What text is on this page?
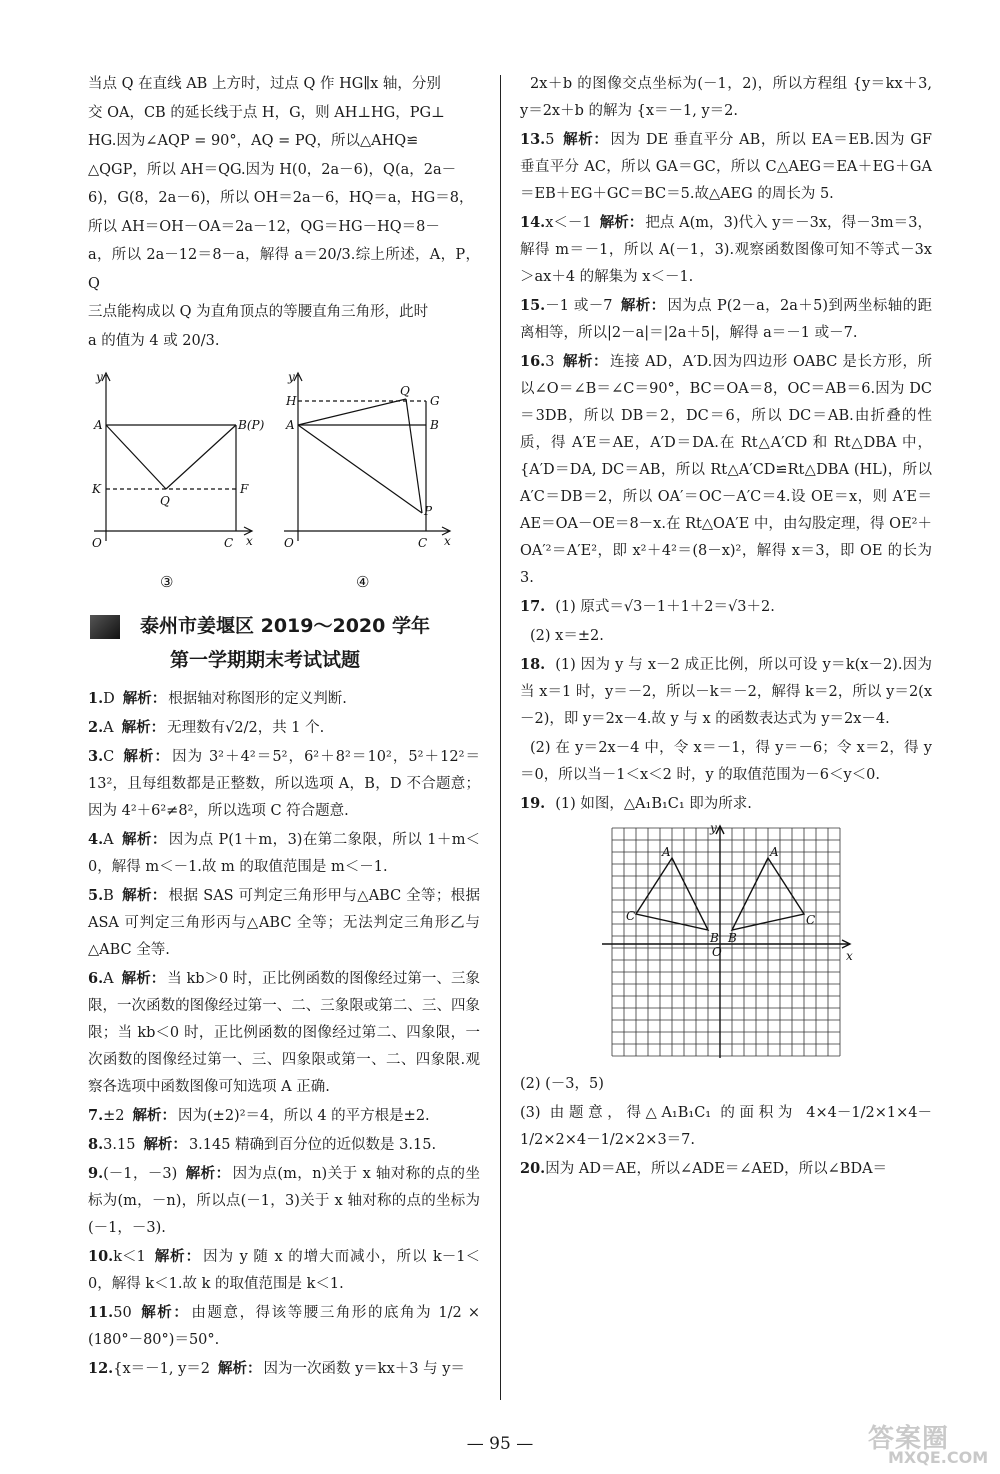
当点 Q 在直线 AB 上方时，过点 Q 作 HG∥x 轴，分别

交 OA，CB 的延长线于点 H，G，则 AH⊥HG，PG⊥

HG.因为∠AQP = 90°，AQ = PQ，所以△AHQ≌

△QGP，所以 AH＝QG.因为 H(0，2a－6)，Q(a，2a－

6)，G(8，2a－6)，所以 OH＝2a－6，HQ＝a，HG＝8，

所以 AH＝OH－OA＝2a－12，QG＝HG－HQ＝8－

a，所以 2a－12＝8－a，解得 a＝20/3.综上所述，A，P，Q

三点能构成以 Q 为直角顶点的等腰直角三角形，此时

a 的值为 4 或 20/3.

y
x
A	B(P)
K
Q
F
O	C
③
y
x
H
Q
G
A	B
P
O	C
④
泰州市姜堰区 2019～2020 学年
第一学期期末考试试题

1.D 解析： 根据轴对称图形的定义判断.

2.A 解析： 无理数有√2/2，共 1 个.

3.C 解析： 因为 3²＋4²＝5²，6²＋8²＝10²，5²＋12²＝13²，且每组数都是正整数，所以选项 A，B，D 不合题意；因为 4²＋6²≠8²，所以选项 C 符合题意.

4.A 解析： 因为点 P(1＋m，3)在第二象限，所以 1＋m＜0，解得 m＜－1.故 m 的取值范围是 m＜－1.

5.B 解析： 根据 SAS 可判定三角形甲与△ABC 全等；根据 ASA 可判定三角形丙与△ABC 全等；无法判定三角形乙与△ABC 全等.

6.A 解析： 当 kb＞0 时，正比例函数的图像经过第一、三象限，一次函数的图像经过第一、二、三象限或第二、三、四象限；当 kb＜0 时，正比例函数的图像经过第二、四象限，一次函数的图像经过第一、三、四象限或第一、二、四象限.观察各选项中函数图像可知选项 A 正确.

7.±2 解析： 因为(±2)²＝4，所以 4 的平方根是±2.

8.3.15 解析： 3.145 精确到百分位的近似数是 3.15.

9.(－1，－3) 解析： 因为点(m，n)关于 x 轴对称的点的坐标为(m，－n)，所以点(－1，3)关于 x 轴对称的点的坐标为(－1，－3).

10.k＜1 解析： 因为 y 随 x 的增大而减小，所以 k－1＜0，解得 k＜1.故 k 的取值范围是 k＜1.

11.50 解析： 由题意，得该等腰三角形的底角为 1/2 × (180°－80°)＝50°.

12.{x＝－1, y＝2 解析： 因为一次函数 y＝kx＋3 与 y＝

2x＋b 的图像交点坐标为(－1，2)，所以方程组 {y＝kx＋3, y＝2x＋b 的解为 {x＝－1, y＝2.

13.5 解析： 因为 DE 垂直平分 AB，所以 EA＝EB.因为 GF 垂直平分 AC，所以 GA＝GC，所以 C△AEG＝EA＋EG＋GA＝EB＋EG＋GC＝BC＝5.故△AEG 的周长为 5.

14.x＜－1 解析： 把点 A(m，3)代入 y＝－3x，得－3m＝3，解得 m＝－1，所以 A(－1，3).观察函数图像可知不等式－3x＞ax＋4 的解集为 x＜－1.

15.－1 或－7 解析： 因为点 P(2－a，2a＋5)到两坐标轴的距离相等，所以|2－a|＝|2a＋5|，解得 a＝－1 或－7.

16.3 解析： 连接 AD，A′D.因为四边形 OABC 是长方形，所以∠O＝∠B＝∠C＝90°，BC＝OA＝8，OC＝AB＝6.因为 DC＝3DB，所以 DB＝2，DC＝6，所以 DC＝AB.由折叠的性质，得 A′E＝AE，A′D＝DA.在 Rt△A′CD 和 Rt△DBA 中，{A′D＝DA, DC＝AB，所以 Rt△A′CD≌Rt△DBA (HL)，所以 A′C＝DB＝2，所以 OA′＝OC－A′C＝4.设 OE＝x，则 A′E＝AE＝OA－OE＝8－x.在 Rt△OA′E 中，由勾股定理，得 OE²＋OA′²＝A′E²，即 x²＋4²＝(8－x)²，解得 x＝3，即 OE 的长为 3.

17. (1) 原式＝√3－1＋1＋2＝√3＋2.

(2) x＝±2.

18. (1) 因为 y 与 x－2 成正比例，所以可设 y＝k(x－2).因为当 x＝1 时，y＝－2，所以－k＝－2，解得 k＝2，所以 y＝2(x－2)，即 y＝2x－4.故 y 与 x 的函数表达式为 y＝2x－4.

(2) 在 y＝2x－4 中，令 x＝－1，得 y＝－6；令 x＝2，得 y＝0，所以当－1＜x＜2 时，y 的取值范围为－6＜y＜0.

19. (1) 如图，△A₁B₁C₁ 即为所求.

y
x
O
A
B
C
A
B
C

(2) (－3，5)

(3) 由题意，得△A₁B₁C₁ 的面积为 4×4－1/2×1×4－1/2×2×4－1/2×2×3＝7.

20.因为 AD＝AE，所以∠ADE＝∠AED，所以∠BDA＝

— 95 —	答案圈
MXQE.COM
